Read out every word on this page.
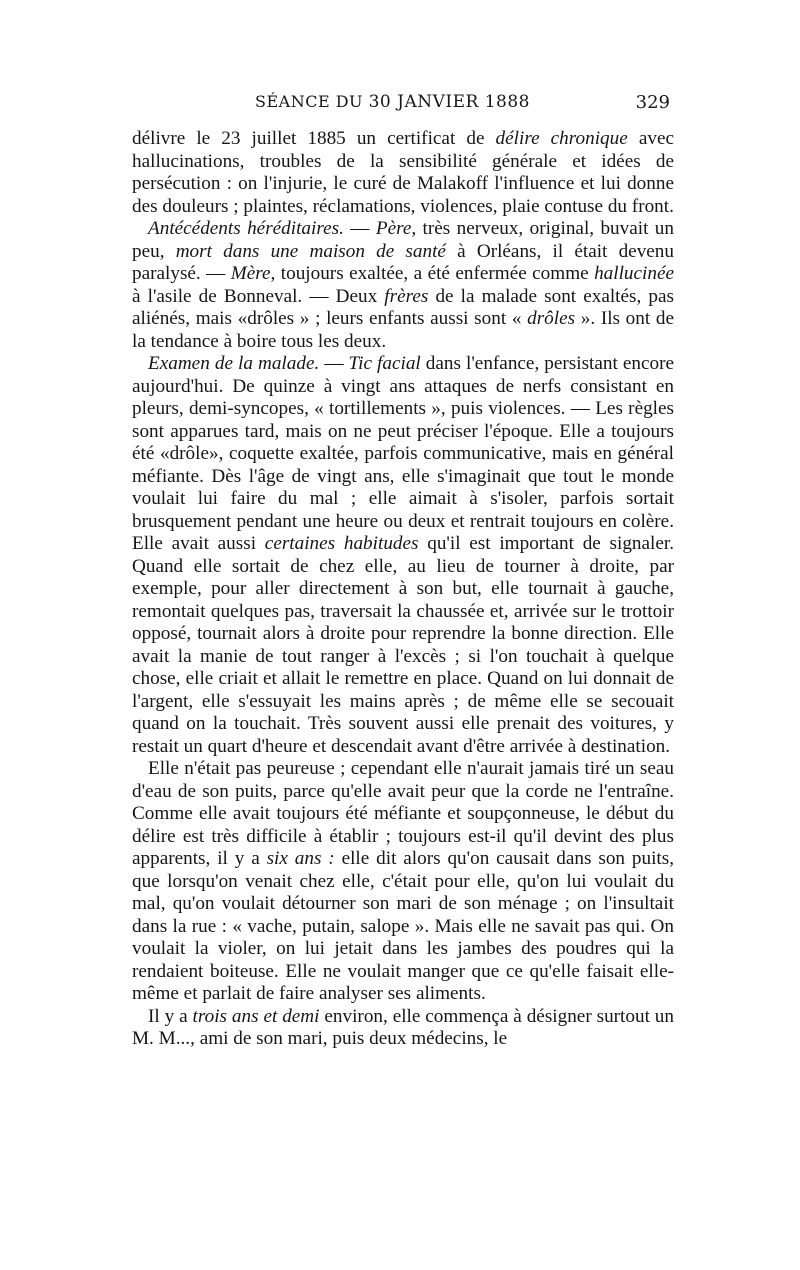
SÉANCE DU 30 JANVIER 1888	329

délivre le 23 juillet 1885 un certificat de délire chronique avec hallucinations, troubles de la sensibilité générale et idées de persécution : on l'injurie, le curé de Malakoff l'influence et lui donne des douleurs ; plaintes, réclamations, violences, plaie contuse du front.

Antécédents héréditaires. — Père, très nerveux, original, buvait un peu, mort dans une maison de santé à Orléans, il était devenu paralysé. — Mère, toujours exaltée, a été enfermée comme hallucinée à l'asile de Bonneval. — Deux frères de la malade sont exaltés, pas aliénés, mais «drôles » ; leurs enfants aussi sont « drôles ». Ils ont de la tendance à boire tous les deux.

Examen de la malade. — Tic facial dans l'enfance, persistant encore aujourd'hui. De quinze à vingt ans attaques de nerfs consistant en pleurs, demi-syncopes, « tortillements », puis violences. — Les règles sont apparues tard, mais on ne peut préciser l'époque. Elle a toujours été «drôle», coquette exaltée, parfois communicative, mais en général méfiante. Dès l'âge de vingt ans, elle s'imaginait que tout le monde voulait lui faire du mal ; elle aimait à s'isoler, parfois sortait brusquement pendant une heure ou deux et rentrait toujours en colère. Elle avait aussi certaines habitudes qu'il est important de signaler. Quand elle sortait de chez elle, au lieu de tourner à droite, par exemple, pour aller directement à son but, elle tournait à gauche, remontait quelques pas, traversait la chaussée et, arrivée sur le trottoir opposé, tournait alors à droite pour reprendre la bonne direction. Elle avait la manie de tout ranger à l'excès ; si l'on touchait à quelque chose, elle criait et allait le remettre en place. Quand on lui donnait de l'argent, elle s'essuyait les mains après ; de même elle se secouait quand on la touchait. Très souvent aussi elle prenait des voitures, y restait un quart d'heure et descendait avant d'être arrivée à destination.

Elle n'était pas peureuse ; cependant elle n'aurait jamais tiré un seau d'eau de son puits, parce qu'elle avait peur que la corde ne l'entraîne. Comme elle avait toujours été méfiante et soupçonneuse, le début du délire est très difficile à établir ; toujours est-il qu'il devint des plus apparents, il y a six ans : elle dit alors qu'on causait dans son puits, que lorsqu'on venait chez elle, c'était pour elle, qu'on lui voulait du mal, qu'on voulait détourner son mari de son ménage ; on l'insultait dans la rue : « vache, putain, salope ». Mais elle ne savait pas qui. On voulait la violer, on lui jetait dans les jambes des poudres qui la rendaient boiteuse. Elle ne voulait manger que ce qu'elle faisait elle-même et parlait de faire analyser ses aliments.

Il y a trois ans et demi environ, elle commença à désigner surtout un M. M..., ami de son mari, puis deux médecins, le
